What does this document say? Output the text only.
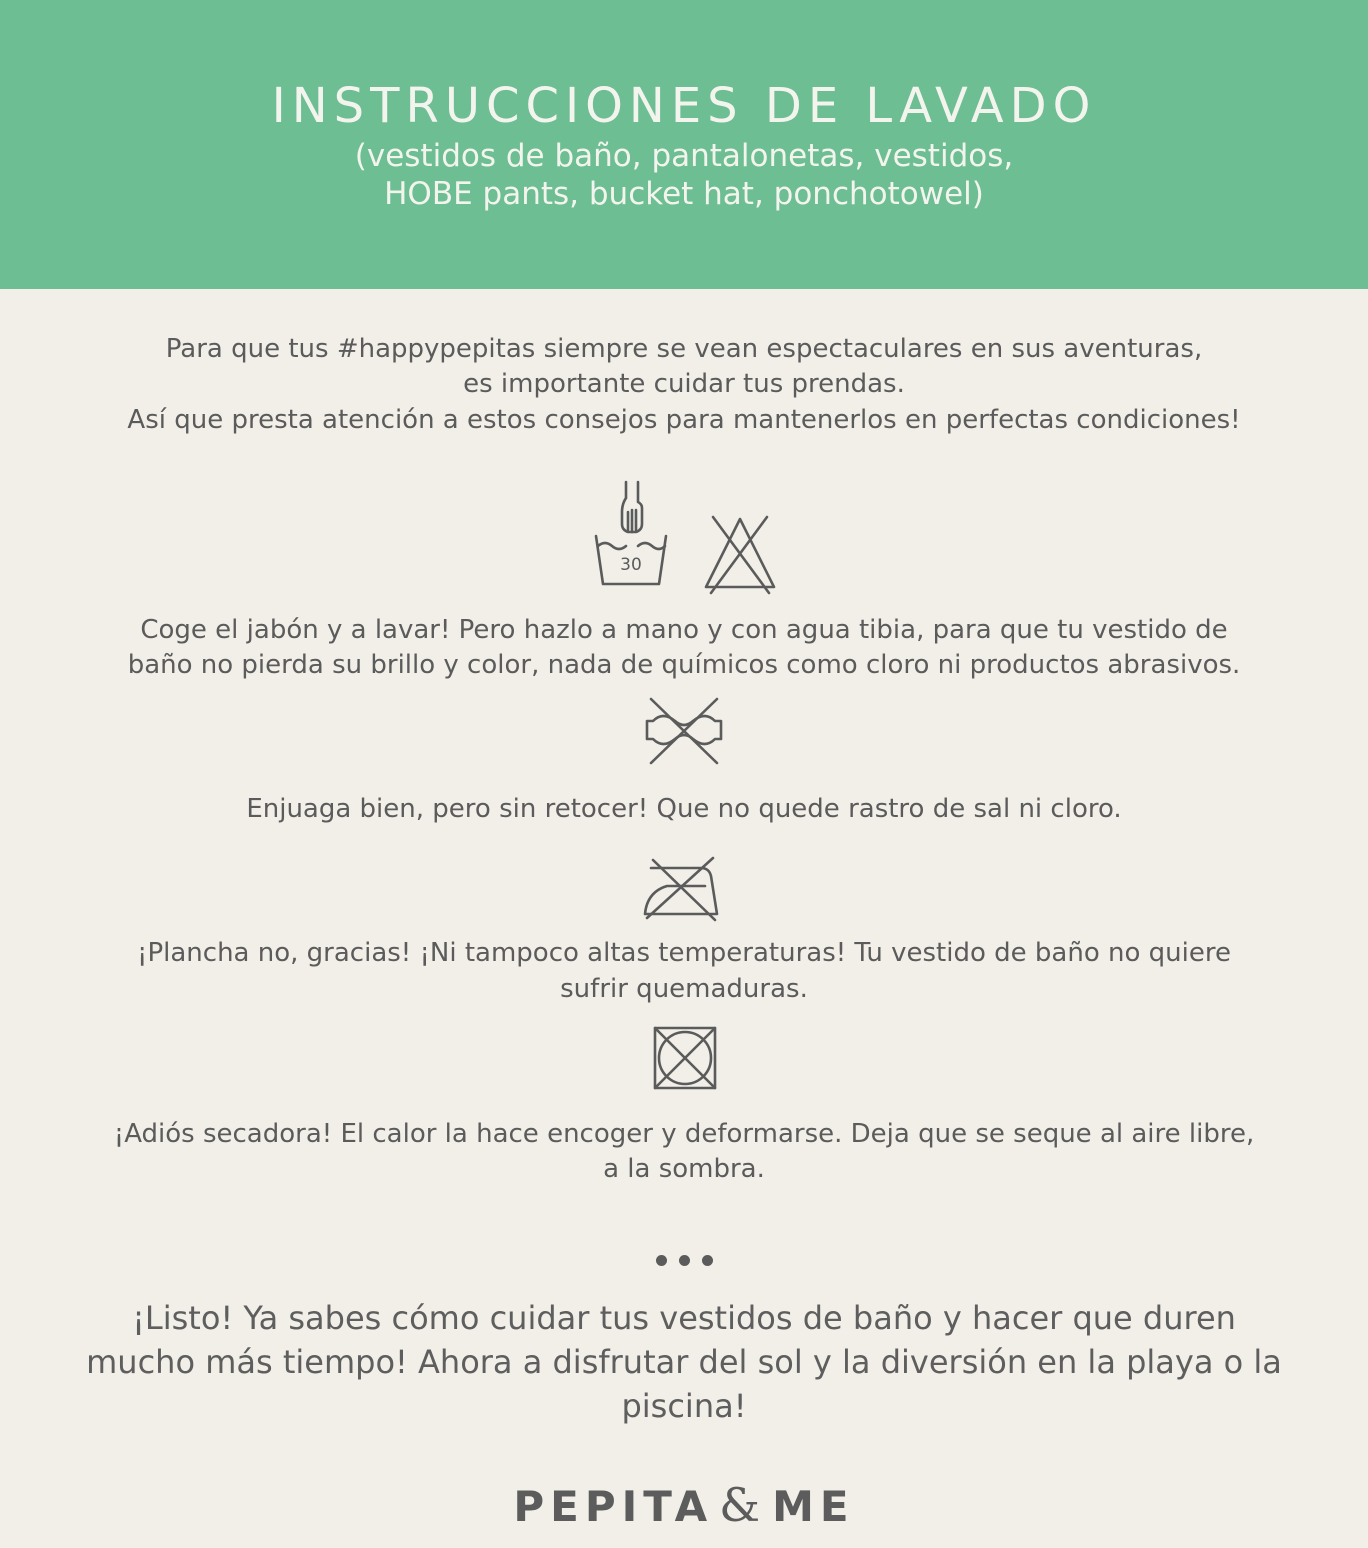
INSTRUCCIONES DE LAVADO

(vestidos de baño, pantalonetas, vestidos,

HOBE pants, bucket hat, ponchotowel)

Para que tus #happypepitas siempre se vean espectaculares en sus aventuras,

es importante cuidar tus prendas.

Así que presta atención a estos consejos para mantenerlos en perfectas condiciones!

30

Coge el jabón y a lavar! Pero hazlo a mano y con agua tibia, para que tu vestido de

baño no pierda su brillo y color, nada de químicos como cloro ni productos abrasivos.

Enjuaga bien, pero sin retocer! Que no quede rastro de sal ni cloro.

¡Plancha no, gracias! ¡Ni tampoco altas temperaturas! Tu vestido de baño no quiere

sufrir quemaduras.

¡Adiós secadora! El calor la hace encoger y deformarse. Deja que se seque al aire libre,

a la sombra.

¡Listo! Ya sabes cómo cuidar tus vestidos de baño y hacer que duren

mucho más tiempo! Ahora a disfrutar del sol y la diversión en la playa o la

piscina!

PEPITA & ME
